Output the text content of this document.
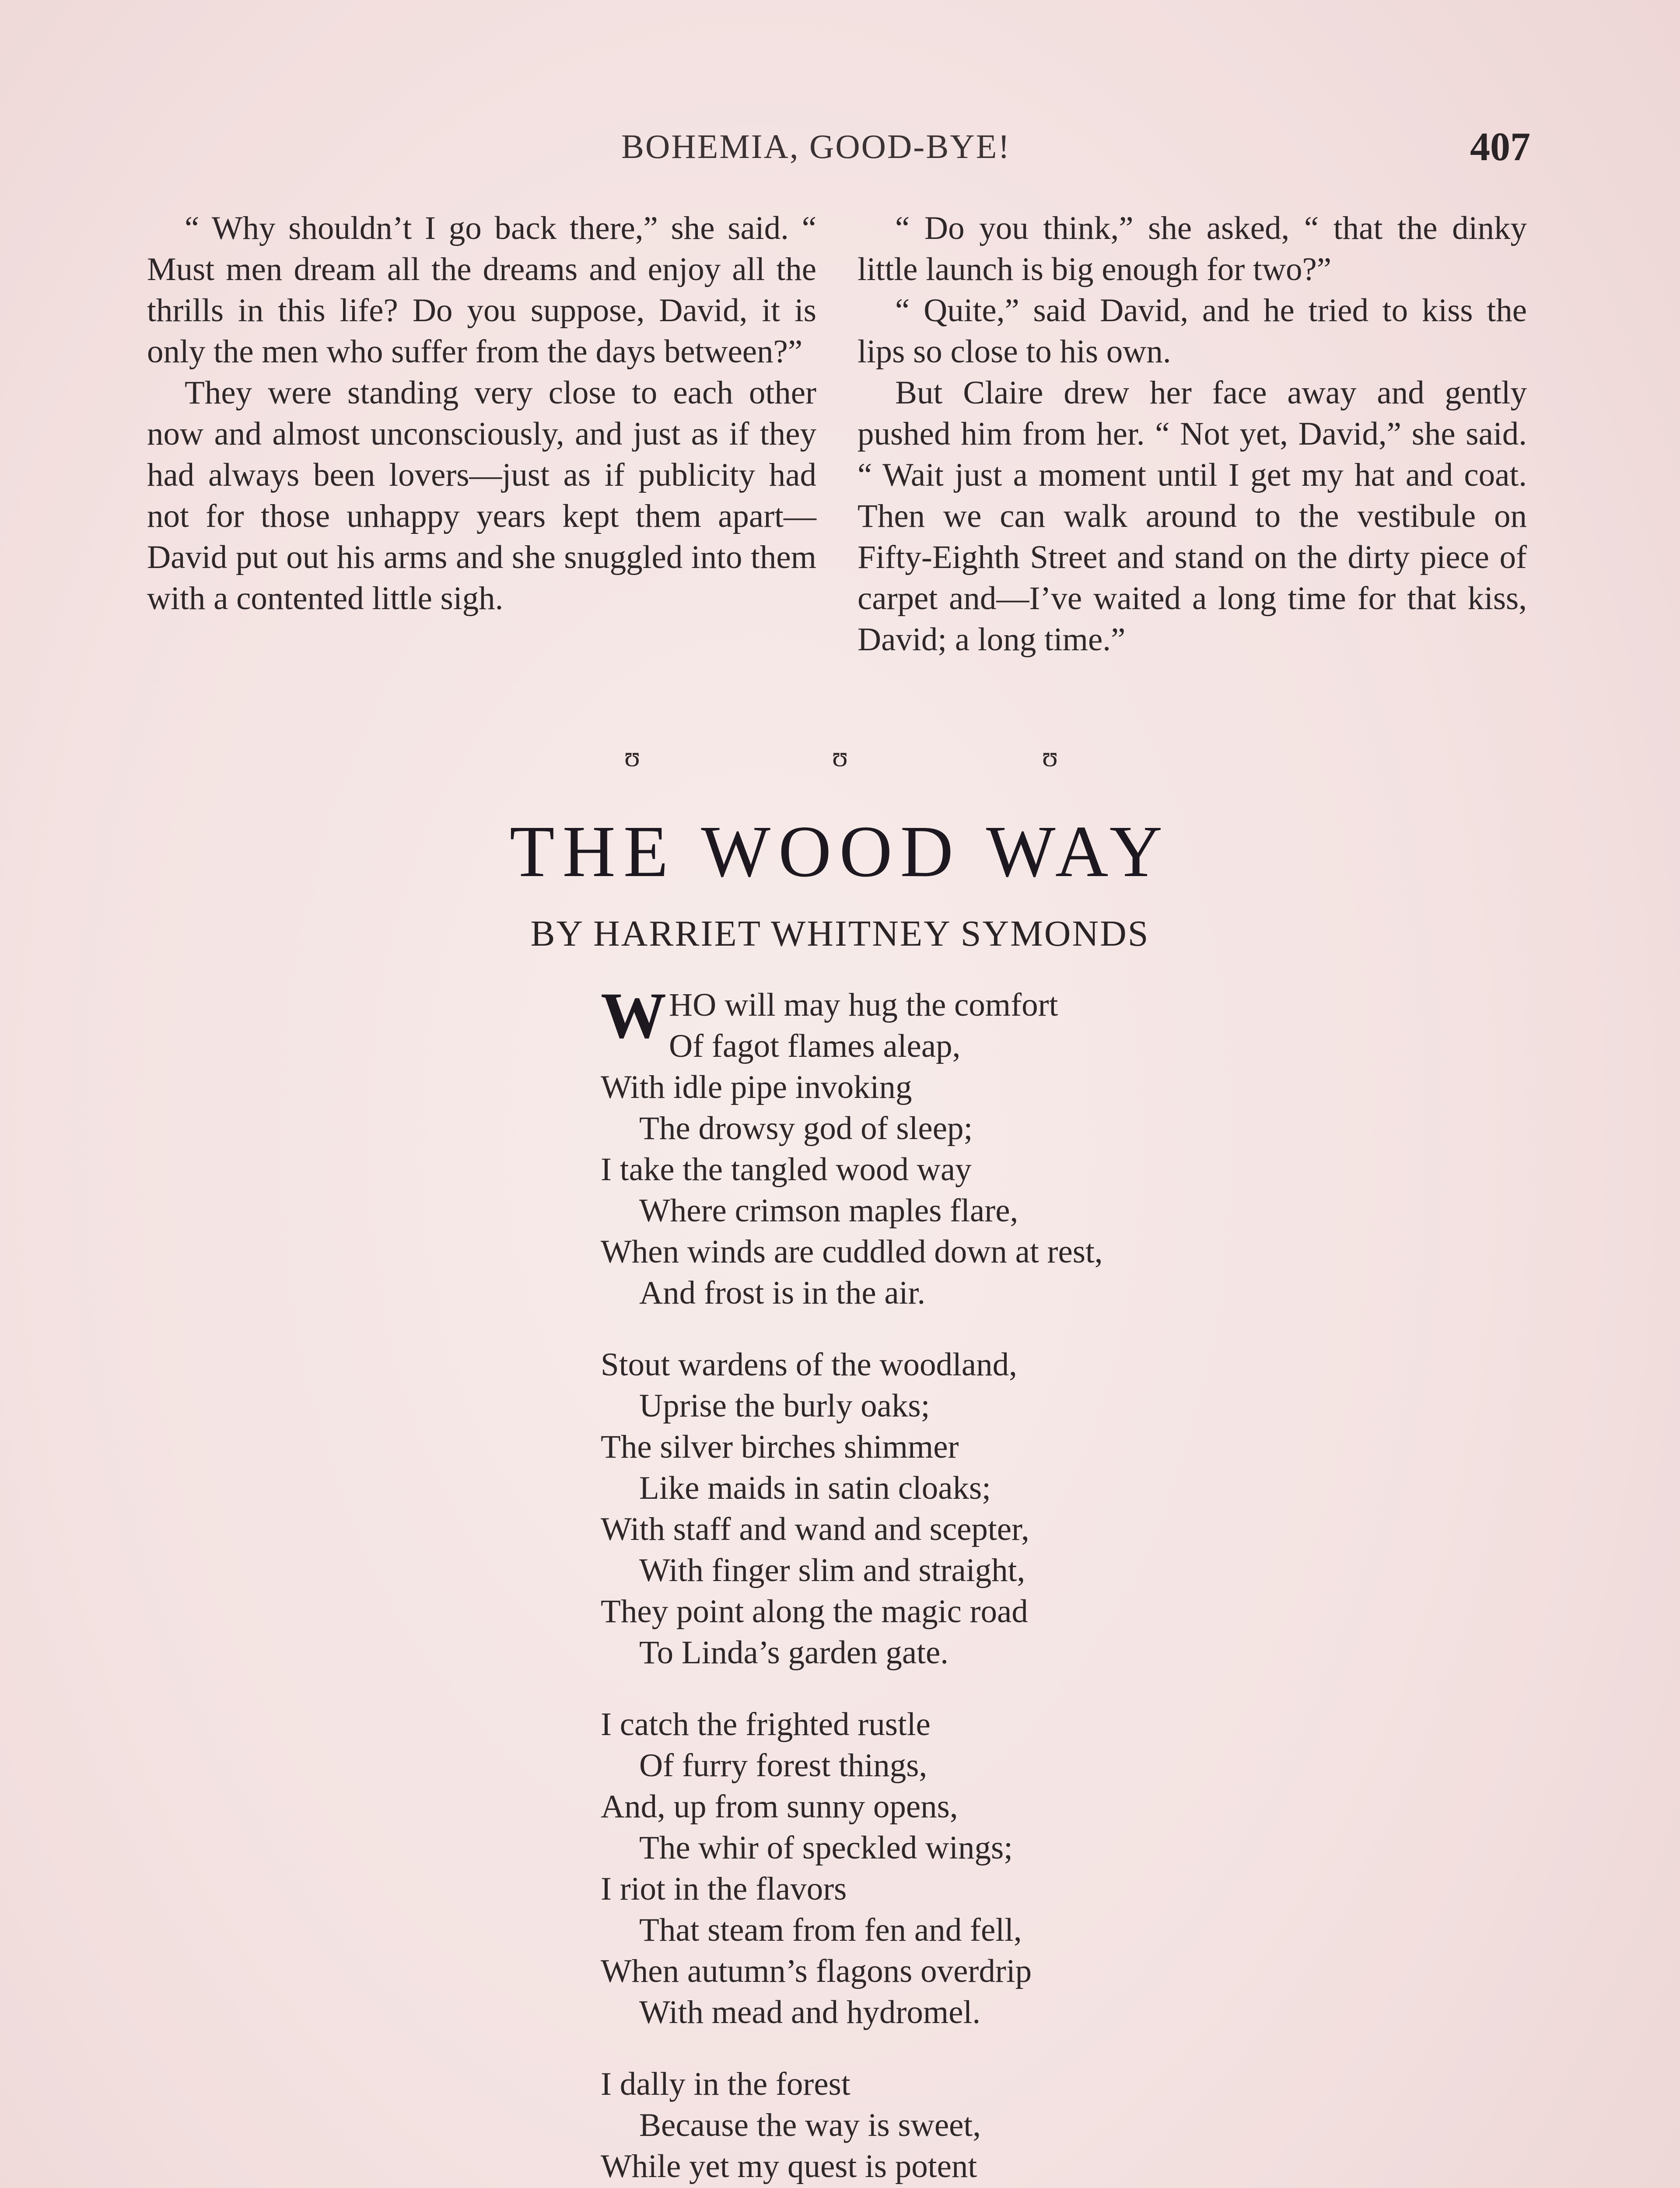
BOHEMIA, GOOD-BYE!	407

“ Why shouldn’t I go back there,” she said. “ Must men dream all the dreams and enjoy all the thrills in this life? Do you suppose, David, it is only the men who suffer from the days between?”

They were standing very close to each other now and almost unconsciously, and just as if they had always been lovers—just as if publicity had not for those unhappy years kept them apart—David put out his arms and she snuggled into them with a contented little sigh.

“ Do you think,” she asked, “ that the dinky little launch is big enough for two?”

“ Quite,” said David, and he tried to kiss the lips so close to his own.

But Claire drew her face away and gently pushed him from her. “ Not yet, David,” she said. “ Wait just a moment until I get my hat and coat. Then we can walk around to the vestibule on Fifty-Eighth Street and stand on the dirty piece of carpet and—I’ve waited a long time for that kiss, David; a long time.”

ʊ	ʊ	ʊ
THE WOOD WAY
BY HARRIET WHITNEY SYMONDS
WHO will may hug the comfort
Of fagot flames aleap,
With idle pipe invoking
The drowsy god of sleep;
I take the tangled wood way
Where crimson maples flare,
When winds are cuddled down at rest,
And frost is in the air.
Stout wardens of the woodland,
Uprise the burly oaks;
The silver birches shimmer
Like maids in satin cloaks;
With staff and wand and scepter,
With finger slim and straight,
They point along the magic road
To Linda’s garden gate.
I catch the frighted rustle
Of furry forest things,
And, up from sunny opens,
The whir of speckled wings;
I riot in the flavors
That steam from fen and fell,
When autumn’s flagons overdrip
With mead and hydromel.
I dally in the forest
Because the way is sweet,
While yet my quest is potent
